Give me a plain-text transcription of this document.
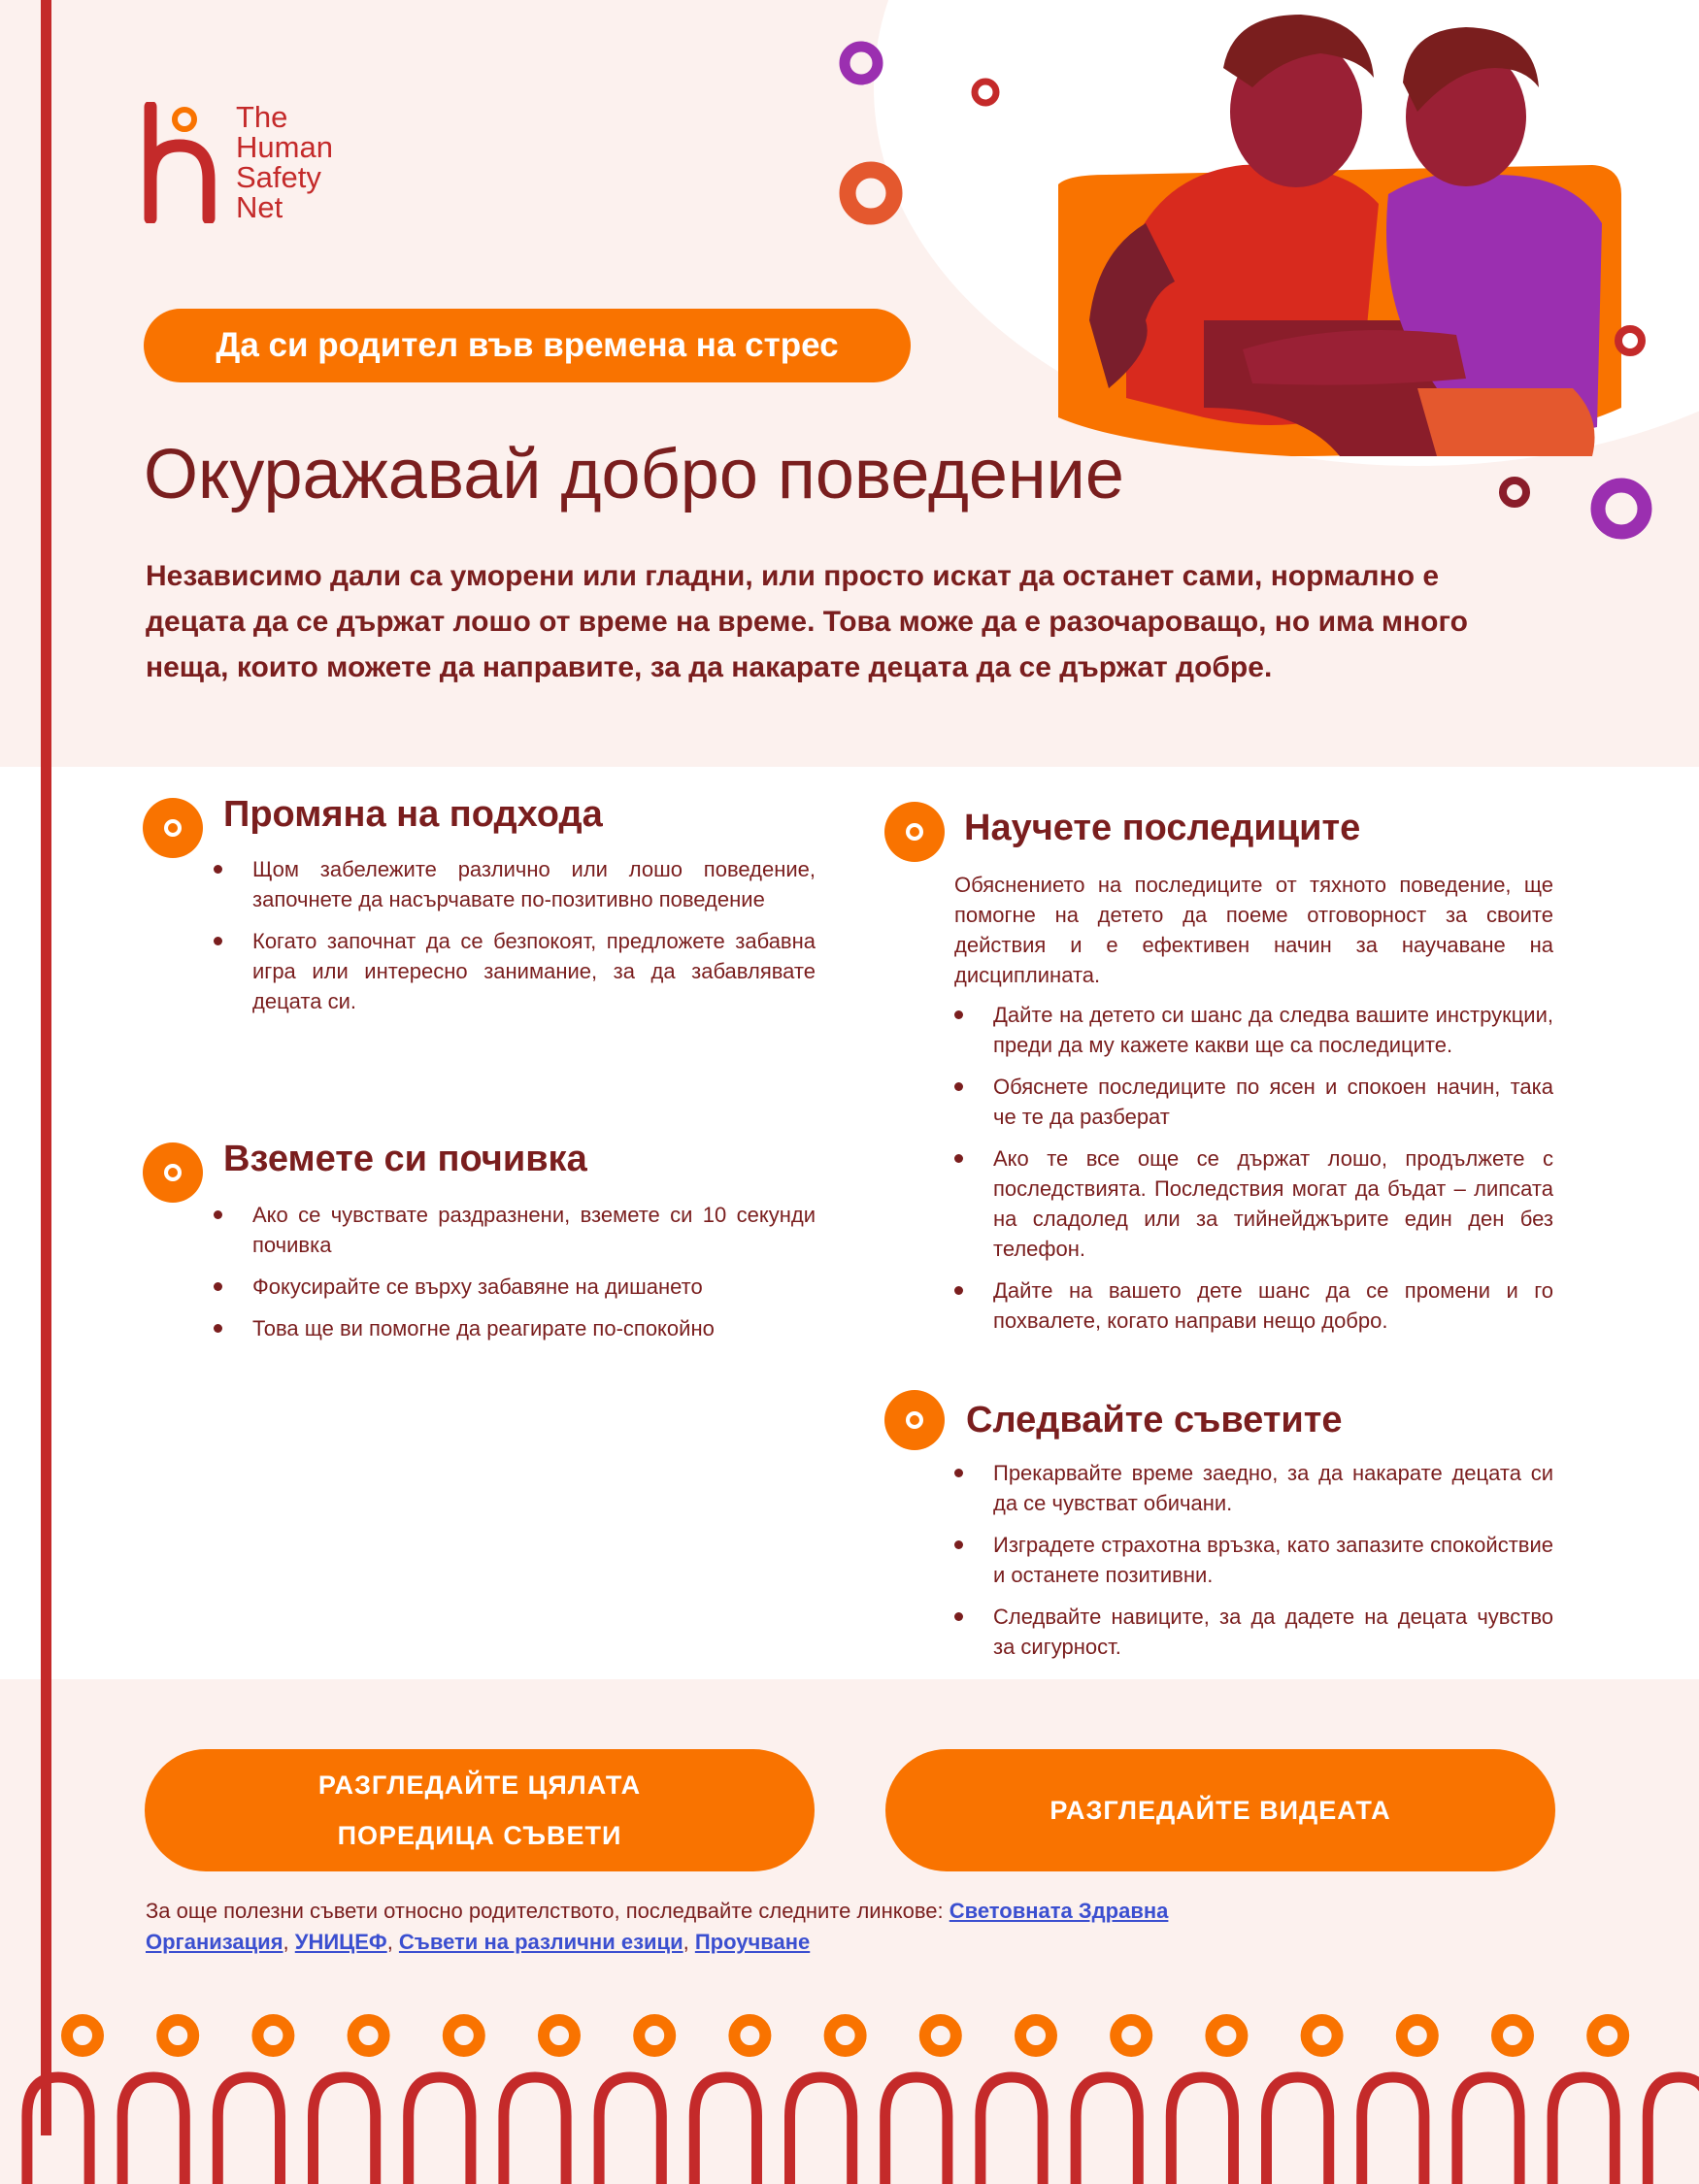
The
Human
Safety
Net
Да си родител във времена на стрес
Окуражавай добро поведение
Независимо дали са уморени или гладни, или просто искат да останет сами, нормално е децата да се държат лошо от време на време. Това може да е разочароващо, но има много неща, които можете да направите, за да накарате децата да се държат добре.
Промяна на подхода
Щом забележите различно или лошо поведение, започнете да насърчавате по-позитивно поведение
Когато започнат да се безпокоят, предложете забавна игра или интересно занимание, за да забавлявате децата си.
Вземете си почивка
Ако се чувствате раздразнени, вземете си 10 секунди почивка
Фокусирайте се върху забавяне на дишането
Това ще ви помогне да реагирате по-спокойно
Научете последиците
Обяснението на последиците от тяхното поведение, ще помогне на детето да поеме отговорност за своите действия и е ефективен начин за научаване на дисциплината.
Дайте на детето си шанс да следва вашите инструкции, преди да му кажете какви ще са последиците.
Обяснете последиците по ясен и спокоен начин, така че те да разберат
Ако те все още се държат лошо, продължете с последствията. Последствия могат да бъдат – липсата на сладолед или за тийнейджърите един ден без телефон.
Дайте на вашето дете шанс да се промени и го похвалете, когато направи нещо добро.
Следвайте съветите
Прекарвайте време заедно, за да накарате децата си да се чувстват обичани.
Изградете страхотна връзка, като запазите спокойствие и останете позитивни.
Следвайте навиците, за да дадете на децата чувство за сигурност.
РАЗГЛЕДАЙТЕ ЦЯЛАТА
ПОРЕДИЦА СЪВЕТИ
РАЗГЛЕДАЙТЕ ВИДЕАТА
За още полезни съвети относно родителството, последвайте следните линкове: Световната Здравна Организация, УНИЦЕФ, Съвети на различни езици, Проучване
